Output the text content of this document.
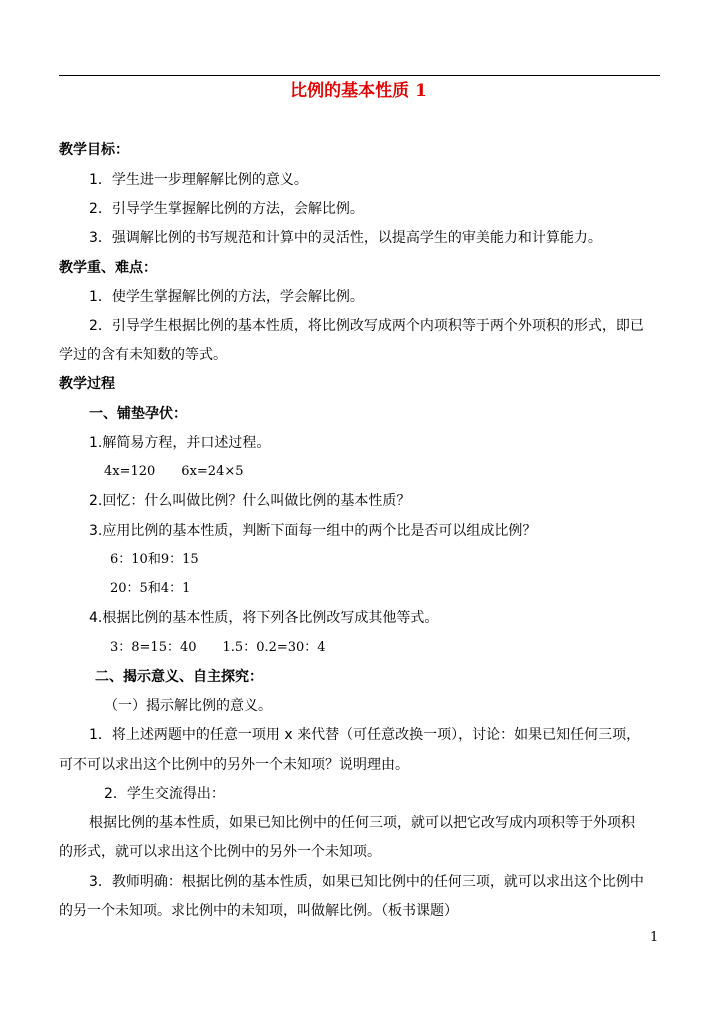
比例的基本性质 1
教学目标：
1．学生进一步理解解比例的意义。
2．引导学生掌握解比例的方法，会解比例。
3．强调解比例的书写规范和计算中的灵活性，以提高学生的审美能力和计算能力。
教学重、难点：
1．使学生掌握解比例的方法，学会解比例。
2．引导学生根据比例的基本性质，将比例改写成两个内项积等于两个外项积的形式，即已
学过的含有未知数的等式。
教学过程
一、铺垫孕伏：
1.解简易方程，并口述过程。
4x=120　　6x=24×5
2.回忆：什么叫做比例？什么叫做比例的基本性质？
3.应用比例的基本性质，判断下面每一组中的两个比是否可以组成比例？
6：10和9：15
20：5和4：1
4.根据比例的基本性质，将下列各比例改写成其他等式。
3：8=15：40　　1.5：0.2=30：4
二、揭示意义、自主探究：
（一）揭示解比例的意义。
1．将上述两题中的任意一项用 x 来代替（可任意改换一项），讨论：如果已知任何三项，
可不可以求出这个比例中的另外一个未知项？说明理由。
2．学生交流得出：
根据比例的基本性质，如果已知比例中的任何三项，就可以把它改写成内项积等于外项积
的形式，就可以求出这个比例中的另外一个未知项。
3．教师明确：根据比例的基本性质，如果已知比例中的任何三项，就可以求出这个比例中
的另一个未知项。求比例中的未知项，叫做解比例。（板书课题）
1
